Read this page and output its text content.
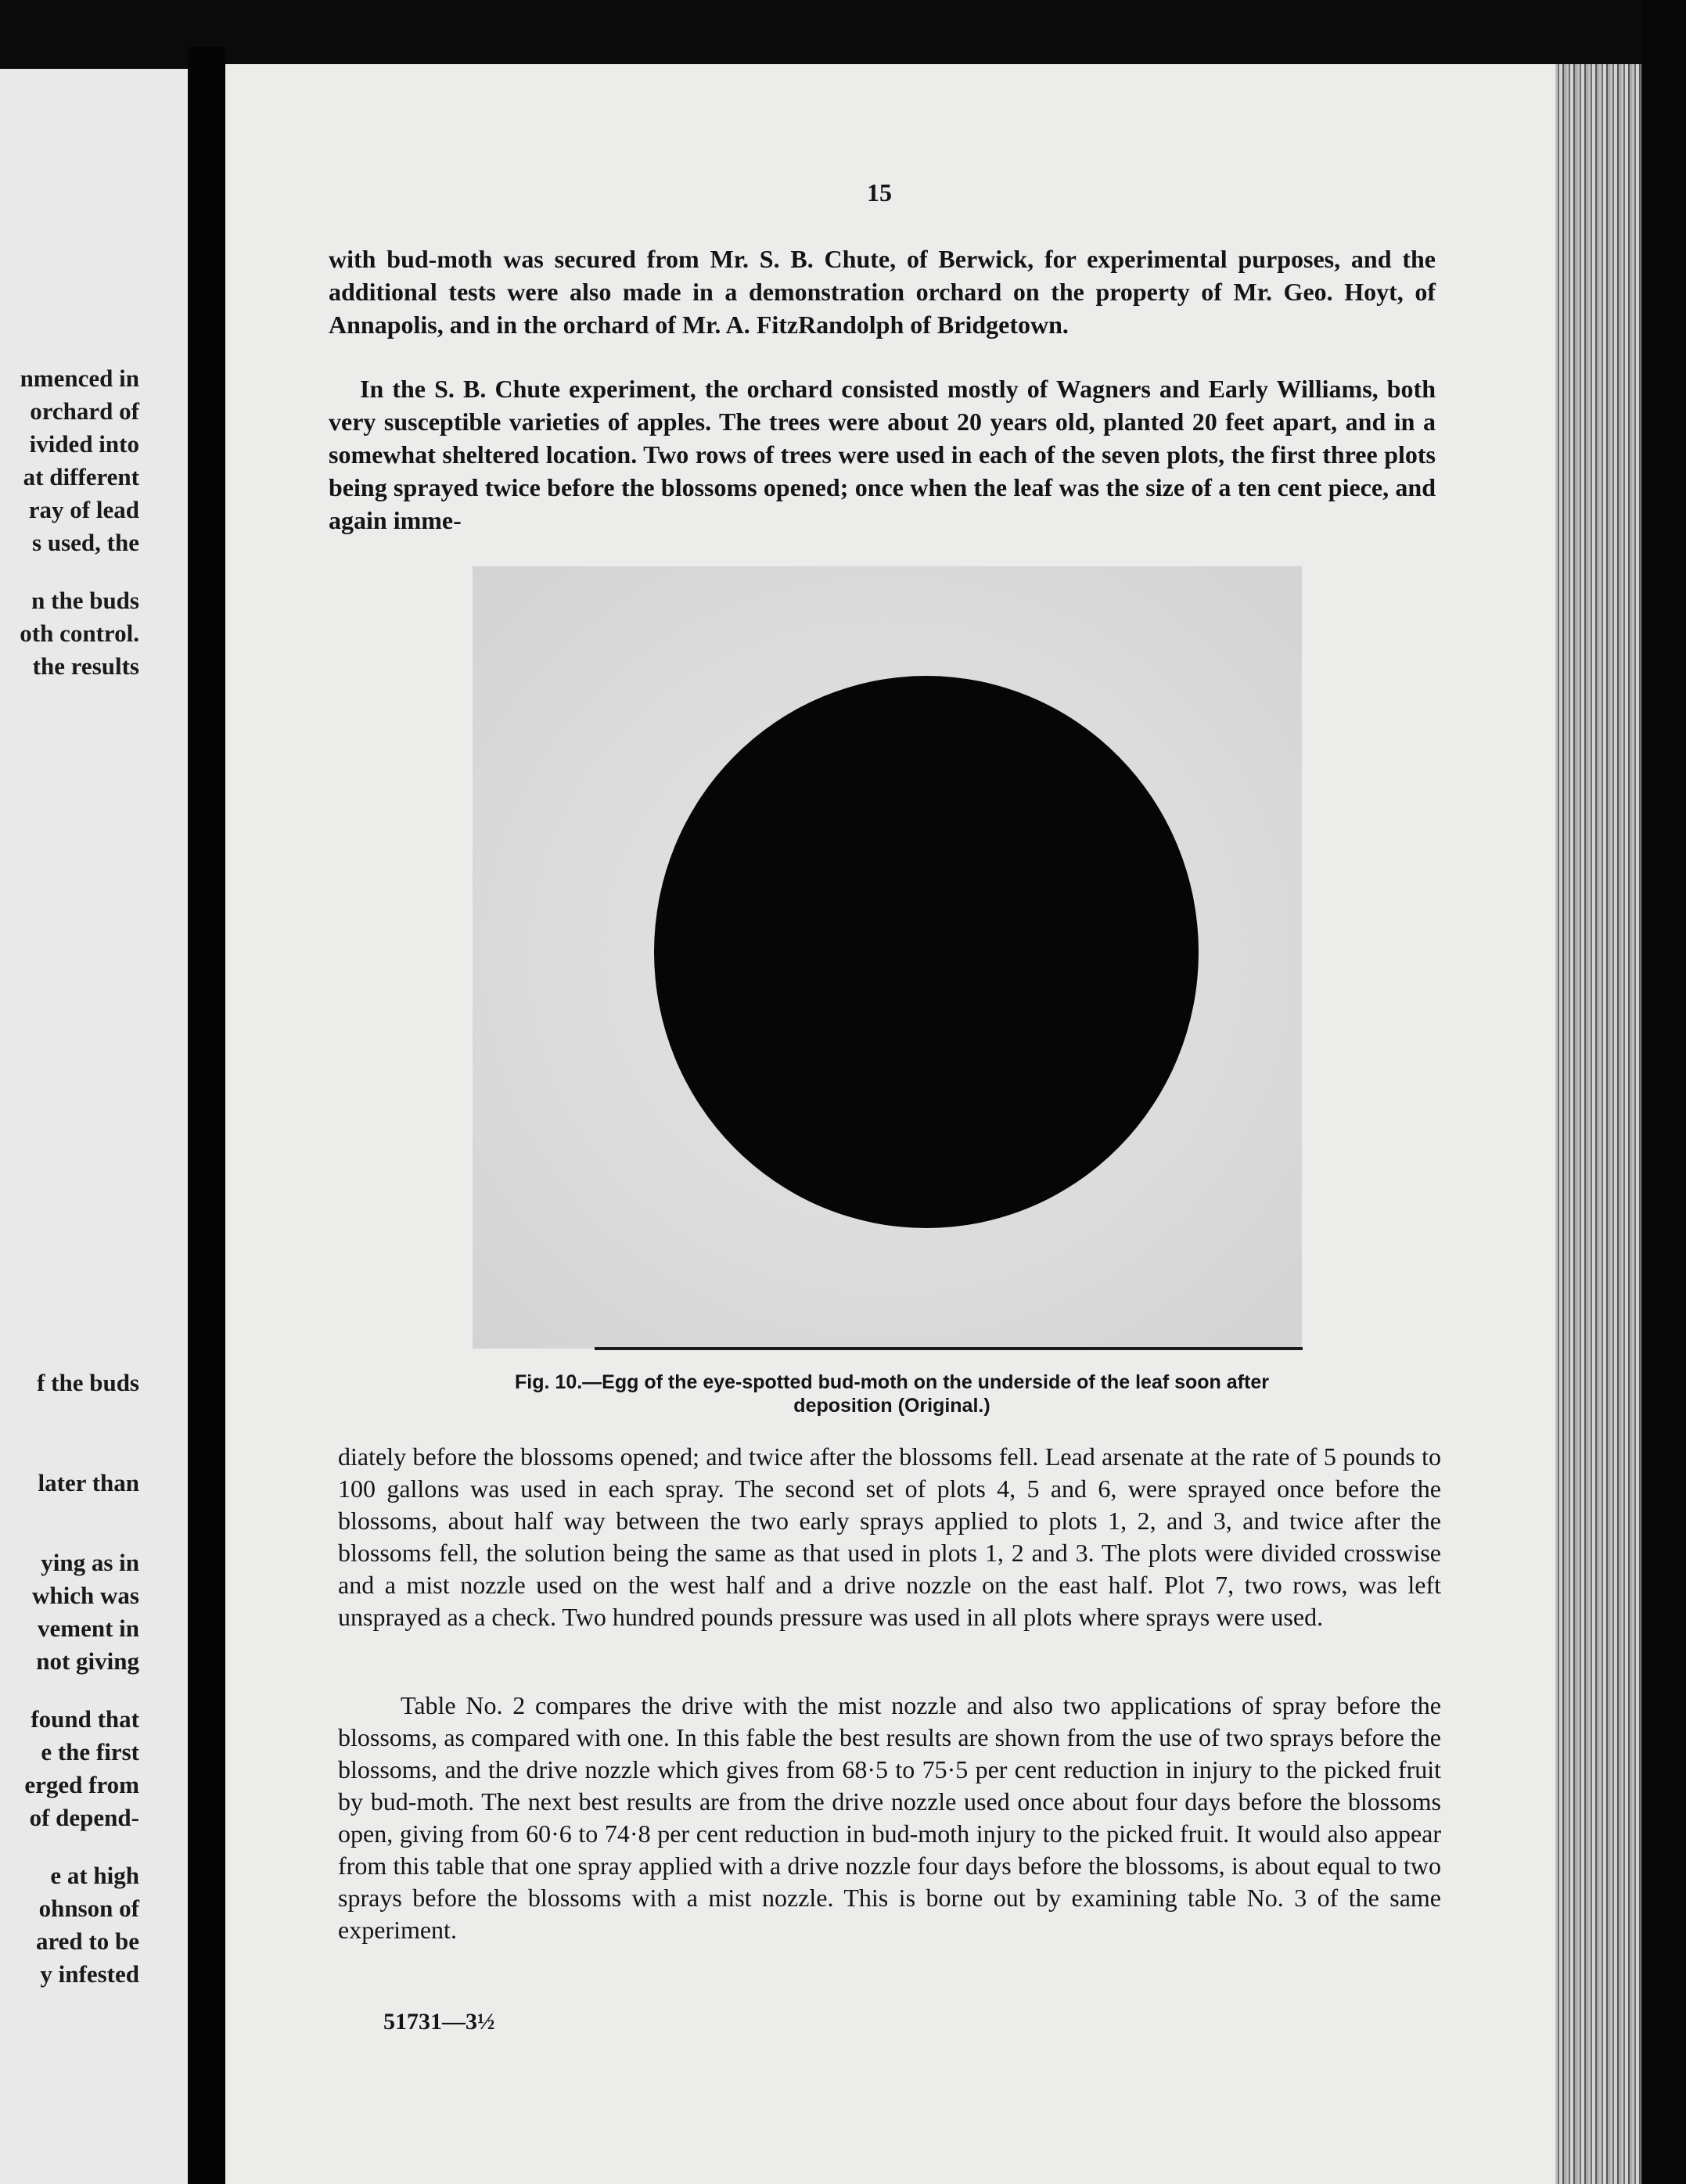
nmenced in
orchard of
ivided into
at different
ray of lead
s used, the
n the buds
oth control.
the results
f the buds
later than
ying as in
which was
vement in
not giving
found that
e the first
erged from
of depend-
e at high
ohnson of
ared to be
y infested
15

with bud-moth was secured from Mr. S. B. Chute, of Berwick, for experimental purposes, and the additional tests were also made in a demonstration orchard on the property of Mr. Geo. Hoyt, of Annapolis, and in the orchard of Mr. A. FitzRandolph of Bridgetown.

In the S. B. Chute experiment, the orchard consisted mostly of Wagners and Early Williams, both very susceptible varieties of apples. The trees were about 20 years old, planted 20 feet apart, and in a somewhat sheltered location. Two rows of trees were used in each of the seven plots, the first three plots being sprayed twice before the blossoms opened; once when the leaf was the size of a ten cent piece, and again imme-

Fig. 10.—Egg of the eye-spotted bud-moth on the underside of the leaf soon after deposition (Original.)

diately before the blossoms opened; and twice after the blossoms fell. Lead arsenate at the rate of 5 pounds to 100 gallons was used in each spray. The second set of plots 4, 5 and 6, were sprayed once before the blossoms, about half way between the two early sprays applied to plots 1, 2, and 3, and twice after the blossoms fell, the solution being the same as that used in plots 1, 2 and 3. The plots were divided crosswise and a mist nozzle used on the west half and a drive nozzle on the east half. Plot 7, two rows, was left unsprayed as a check. Two hundred pounds pressure was used in all plots where sprays were used.

Table No. 2 compares the drive with the mist nozzle and also two applications of spray before the blossoms, as compared with one. In this fable the best results are shown from the use of two sprays before the blossoms, and the drive nozzle which gives from 68·5 to 75·5 per cent reduction in injury to the picked fruit by bud-moth. The next best results are from the drive nozzle used once about four days before the blossoms open, giving from 60·6 to 74·8 per cent reduction in bud-moth injury to the picked fruit. It would also appear from this table that one spray applied with a drive nozzle four days before the blossoms, is about equal to two sprays before the blossoms with a mist nozzle. This is borne out by examining table No. 3 of the same experiment.

51731—3½
